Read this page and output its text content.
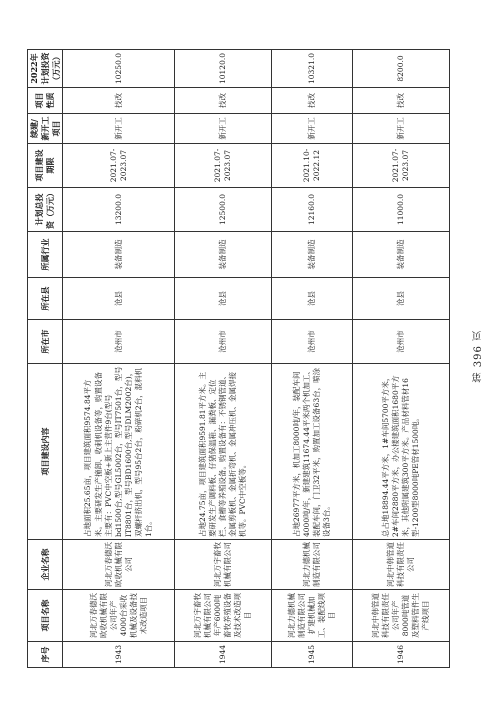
序号	项目名称	企业名称	项目建设内容	所在市	所在县	所属行业	计划总投资（万元）	项目建设期限	续建/新开工项目	项目性质	2022年计划投资（万元）
1943	河北万春德沃欧收机械有限公司年产4000台采收机械及设备技术改造项目	河北万春德沃欧收机械有限公司	占地面积25.65亩，项目建筑面积9574.84平方米。主要研发生产撞卸、收刺机设备等，购置设备主要有：PVC中空板+新上主营件9台(型号bd1500台,型号GL5002台，型号IT7501台，型号IT8801台，型号BD1600台,型号DLM2002台)，双螺杆挤出机，型号95台2台，粉碎机2台，混料机1台。	沧州市	沧县	装备制造	13200.0	2021.07-2023.07	新开工	技改	10250.0
1944	河北万宇畜牧机械有限公司年产6000吨畜牧养殖设备及技术改造项目	河北万宇畜牧机械有限公司	占地24.75亩，项目建筑面积9591.81平方米。主要研发生产调料板、仔猪保温箱、漏粪板、定位栏、食槽等养殖设备。购置设备有：不锈钢管道、金属剪板机、金属折弯机、金属冲压机、金属焊接机等。PVC中空板等。	沧州市	沧县	装备制造	12500.0	2021.07-2023.07	新开工	技改	10120.0
1945	河北力德机械制造有限公司扩建机械加工、装配线项目	河北力德机械制造有限公司	占地26977平方米，机加工8000吨/年，装配车间4000吨/年，新建建筑11674.44平米两个机加工、装配车间，门卫32平米，购置加工设备63台，喷涂设备3台。	沧州市	沧县	装备制造	12160.0	2021.10-2022.12	新开工	技改	10321.0
1946	河北中韩管道科技有限责任公司年产8000吨管道及塑料管件生产线项目	河北中韩管道科技有限责任公司	总占地18894.44平方米，1#车间5700平方米，2#车间2880平方米，办公楼建筑面积1680平方米，其他附属建筑300平方米。产品材料管材16型-1200型8000吨PE管材1500吨。	沧州市	沧县	装备制造	11000.0	2021.07-2023.07	新开工	技改	8200.0
第 396 页
